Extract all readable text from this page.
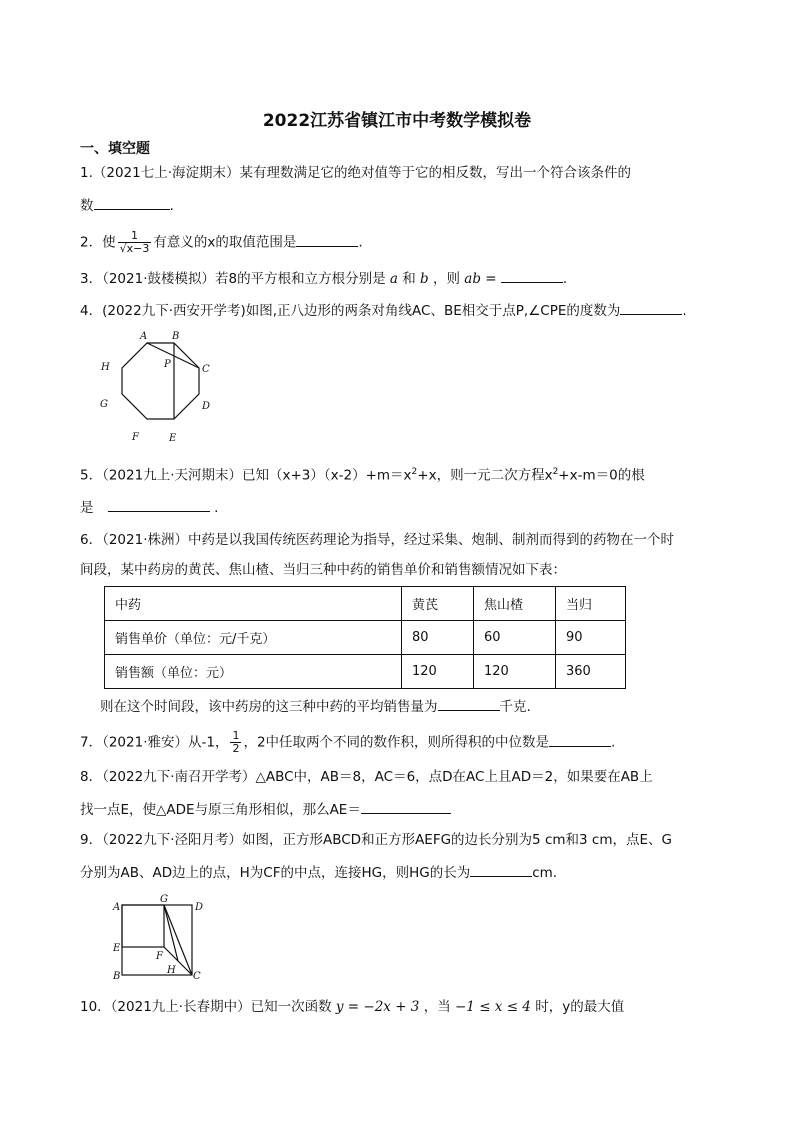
2022江苏省镇江市中考数学模拟卷
一、填空题
1.（2021七上·海淀期末）某有理数满足它的绝对值等于它的相反数，写出一个符合该条件的
数	.
2．使 $\frac{1}{√x-3}$ 有意义的x的取值范围是	.
3．（2021·鼓楼模拟）若8的平方根和立方根分别是 a 和 b ，则 ab =	.
4．(2022九下·西安开学考)如图,正八边形的两条对角线AC、BE相交于点P,∠CPE的度数为	.
A B
C
D
E
F
G
H	P
5．（2021九上·天河期末）已知$(x+3)(x-2)+m=x^2+x$，则一元二次方程$x^2+x-m=0$的根
是	.
6．（2021·株洲）中药是以我国传统医药理论为指导，经过采集、炮制、制剂而得到的药物在一个时
间段，某中药房的黄芪、焦山楂、当归三种中药的销售单价和销售额情况如下表：
中药	黄芪	焦山楂	当归
销售单价（单位：元/千克）	80	60	90
销售额（单位：元）	120	120	360
则在这个时间段，该中药房的这三种中药的平均销售量为	千克.
7．（2021·雅安）从-1， $\frac{1}{2}$ ，2中任取两个不同的数作积，则所得积的中位数是	.
8．（2022九下·南召开学考）△ABC中，AB＝8，AC＝6，点D在AC上且AD＝2，如果要在AB上
找一点E，使△ADE与原三角形相似，那么AE＝
9．（2022九下·泾阳月考）如图，正方形ABCD和正方形AEFG的边长分别为5 cm和3 cm，点E、G
分别为AB、AD边上的点，H为CF的中点，连接HG，则HG的长为	cm．
A
B	C
D
E
F
G
H
10．（2021九上·长春期中）已知一次函数 y = −2x + 3 ，当 −1 ≤ x ≤ 4 时，y的最大值
